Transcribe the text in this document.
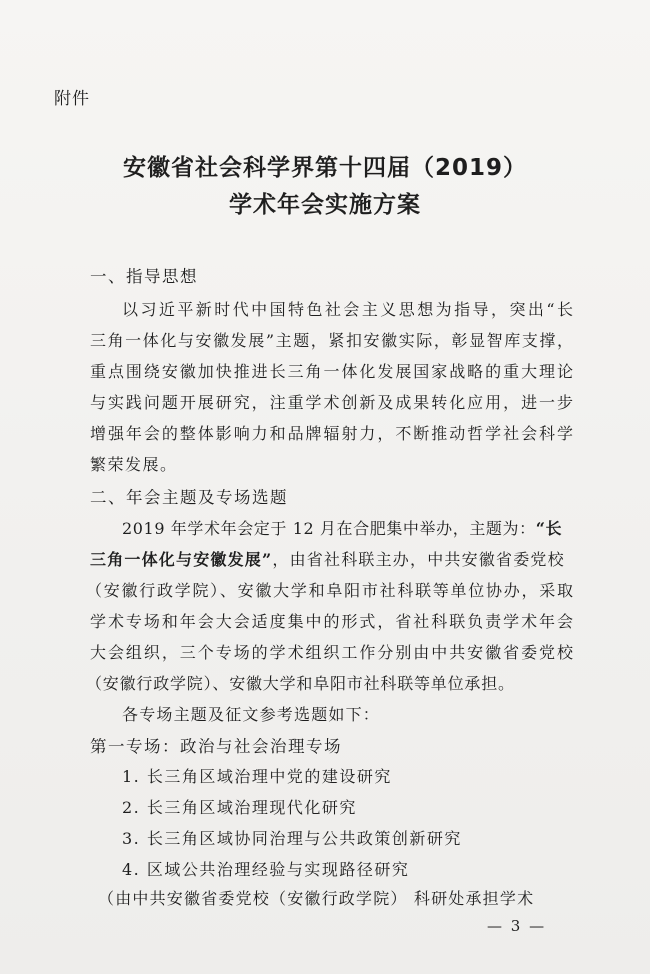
附件
安徽省社会科学界第十四届（2019）
学术年会实施方案
一、指导思想
以习近平新时代中国特色社会主义思想为指导，突出“长
三角一体化与安徽发展”主题，紧扣安徽实际，彰显智库支撑，
重点围绕安徽加快推进长三角一体化发展国家战略的重大理论
与实践问题开展研究，注重学术创新及成果转化应用，进一步
增强年会的整体影响力和品牌辐射力，不断推动哲学社会科学
繁荣发展。
二、年会主题及专场选题
2019 年学术年会定于 12 月在合肥集中举办，主题为：“长
三角一体化与安徽发展”，由省社科联主办，中共安徽省委党校
（安徽行政学院）、安徽大学和阜阳市社科联等单位协办，采取
学术专场和年会大会适度集中的形式，省社科联负责学术年会
大会组织，三个专场的学术组织工作分别由中共安徽省委党校
（安徽行政学院）、安徽大学和阜阳市社科联等单位承担。
各专场主题及征文参考选题如下：
第一专场：政治与社会治理专场
1. 长三角区域治理中党的建设研究
2. 长三角区域治理现代化研究
3. 长三角区域协同治理与公共政策创新研究
4. 区域公共治理经验与实现路径研究
（由中共安徽省委党校（安徽行政学院） 科研处承担学术
— 3 —
